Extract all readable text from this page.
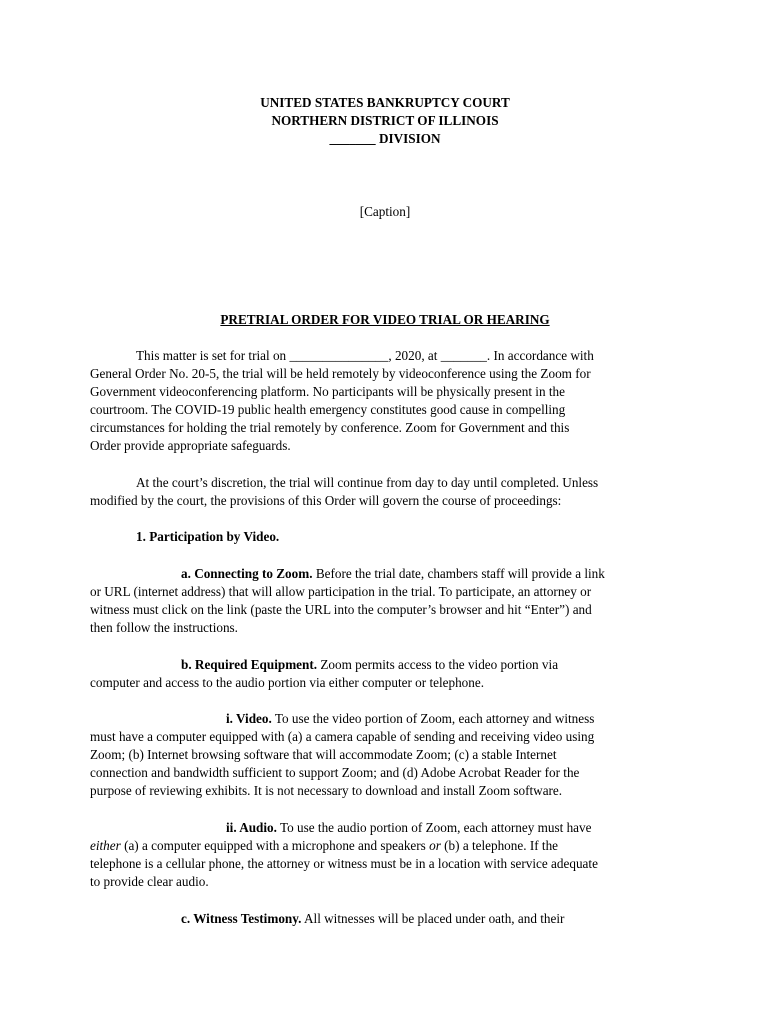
UNITED STATES BANKRUPTCY COURT
NORTHERN DISTRICT OF ILLINOIS
_______ DIVISION
[Caption]
PRETRIAL ORDER FOR VIDEO TRIAL OR HEARING
This matter is set for trial on _______________, 2020, at _______. In accordance with
General Order No. 20-5, the trial will be held remotely by videoconference using the Zoom for
Government videoconferencing platform. No participants will be physically present in the
courtroom. The COVID-19 public health emergency constitutes good cause in compelling
circumstances for holding the trial remotely by conference. Zoom for Government and this
Order provide appropriate safeguards.
At the court’s discretion, the trial will continue from day to day until completed. Unless
modified by the court, the provisions of this Order will govern the course of proceedings:
1. Participation by Video.
a. Connecting to Zoom. Before the trial date, chambers staff will provide a link
or URL (internet address) that will allow participation in the trial. To participate, an attorney or
witness must click on the link (paste the URL into the computer’s browser and hit “Enter”) and
then follow the instructions.
b. Required Equipment. Zoom permits access to the video portion via
computer and access to the audio portion via either computer or telephone.
i. Video. To use the video portion of Zoom, each attorney and witness
must have a computer equipped with (a) a camera capable of sending and receiving video using
Zoom; (b) Internet browsing software that will accommodate Zoom; (c) a stable Internet
connection and bandwidth sufficient to support Zoom; and (d) Adobe Acrobat Reader for the
purpose of reviewing exhibits. It is not necessary to download and install Zoom software.
ii. Audio. To use the audio portion of Zoom, each attorney must have
either (a) a computer equipped with a microphone and speakers or (b) a telephone. If the
telephone is a cellular phone, the attorney or witness must be in a location with service adequate
to provide clear audio.
c. Witness Testimony. All witnesses will be placed under oath, and their
